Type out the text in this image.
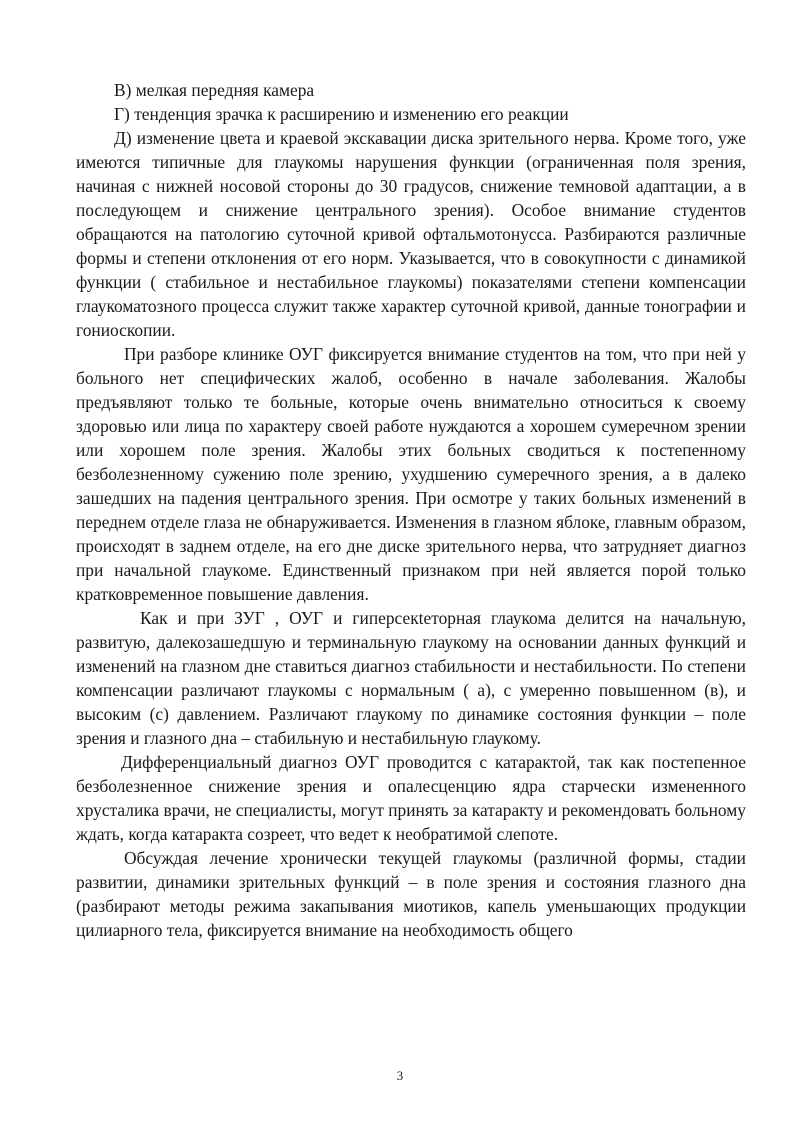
В) мелкая передняя камера

Г) тенденция зрачка к расширению и изменению его реакции

Д) изменение цвета и краевой экскавации диска зрительного нерва. Кроме того, уже имеются типичные для глаукомы нарушения функции (ограниченная поля зрения, начиная с нижней носовой стороны до 30 градусов, снижение темновой адаптации, а в последующем и снижение центрального зрения). Особое внимание студентов обращаются на патологию суточной кривой офтальмотонусса. Разбираются различные формы и степени отклонения от его норм. Указывается, что в совокупности с динамикой функции ( стабильное и нестабильное глаукомы) показателями степени компенсации глаукоматозного процесса служит также характер суточной кривой, данные тонографии и гониоскопии.

При разборе клинике ОУГ фиксируется внимание студентов на том, что при ней у больного нет специфических жалоб, особенно в начале заболевания. Жалобы предъявляют только те больные, которые очень внимательно относиться к своему здоровью или лица по характеру своей работе нуждаются а хорошем сумеречном зрении или хорошем поле зрения. Жалобы этих больных сводиться к постепенному безболезненному сужению поле зрению, ухудшению сумеречного зрения, а в далеко зашедших на падения центрального зрения. При осмотре у таких больных изменений в переднем отделе глаза не обнаруживается. Изменения в глазном яблоке, главным образом, происходят в заднем отделе, на его дне диске зрительного нерва, что затрудняет диагноз при начальной глаукоме. Единственный признаком при ней является порой только кратковременное повышение давления.

Как и при ЗУГ , ОУГ и гиперсекteторная глаукома делится на начальную, развитую, далекозашедшую и терминальную глаукому на основании данных функций и изменений на глазном дне ставиться диагноз стабильности и нестабильности. По степени компенсации различают глаукомы с нормальным ( а), с умеренно повышенном (в), и высоким (с) давлением. Различают глаукому по динамике состояния функции – поле зрения и глазного дна – стабильную и нестабильную глаукому.

Дифференциальный диагноз ОУГ проводится с катарактой, так как постепенное безболезненное снижение зрения и опалесценцию ядра старчески измененного хрусталика врачи, не специалисты, могут принять за катаракту и рекомендовать больному ждать, когда катаракта созреет, что ведет к необратимой слепоте.

Обсуждая лечение хронически текущей глаукомы (различной формы, стадии развитии, динамики зрительных функций – в поле зрения и состояния глазного дна (разбирают методы режима закапывания миотиков, капель уменьшающих продукции цилиарного тела, фиксируется внимание на необходимость общего

3
